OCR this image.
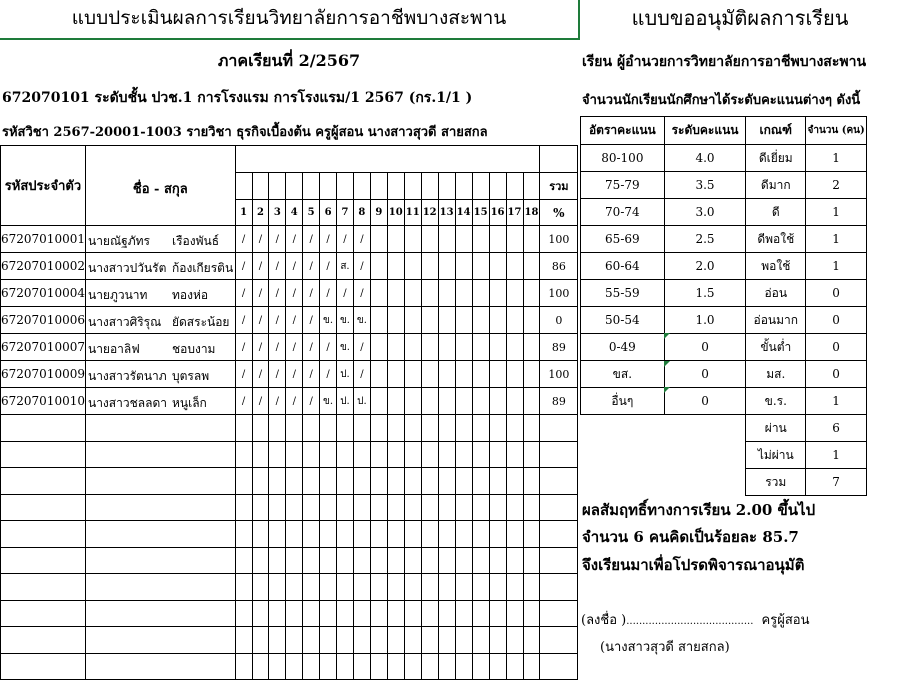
แบบประเมินผลการเรียนวิทยาลัยการอาชีพบางสะพาน	แบบขออนุมัติผลการเรียน
ภาคเรียนที่ 2/2567
672070101 ระดับชั้น ปวช.1 การโรงแรม การโรงแรม/1 2567 (กร.1/1 )
รหัสวิชา 2567-20001-1003 รายวิชา ธุรกิจเบื้องต้น ครูผู้สอน นางสาวสุวดี สายสกล
เรียน ผู้อำนวยการวิทยาลัยการอาชีพบางสะพาน
จำนวนนักเรียนนักศึกษาได้ระดับคะแนนต่างๆ ดังนี้
รหัสประจำตัว	ชื่อ - สกุล																				
																				รวม	
		1	2	3	4	5	6	7	8	9	10	11	12	13	14	15	16	17	18	%	
67207010001	นายณัฐภัทร เรืองพันธ์	/	/	/	/	/	/	/	/											100	
67207010002	นางสาวปวันรัต ก้องเกียรติน	/	/	/	/	/	/	ส.	/											86	
67207010004	นายภูวนาท ทองห่อ	/	/	/	/	/	/	/	/											100	
67207010006	นางสาวศิริรุณ ยัดสระน้อย	/	/	/	/	/	ข.	ข.	ข.											0	
67207010007	นายอาลิฟ ชอบงาม	/	/	/	/	/	/	ข.	/											89	
67207010009	นางสาวรัตนาภ บุตรลพ	/	/	/	/	/	/	ป.	/											100	
67207010010	นางสาวชลลดา หนูเล็ก	/	/	/	/	/	ข.	ป.	ป.											89	

อัตราคะแนน	ระดับคะแนน	เกณฑ์	จำนวน (คน)
80-100	4.0	ดีเยี่ยม	1
75-79	3.5	ดีมาก	2
70-74	3.0	ดี	1
65-69	2.5	ดีพอใช้	1
60-64	2.0	พอใช้	1
55-59	1.5	อ่อน	0
50-54	1.0	อ่อนมาก	0
0-49	0	ขั้นต่ำ	0
ขส.	0	มส.	0
อื่นๆ	0	ข.ร.	1
		ผ่าน	6
		ไม่ผ่าน	1
		รวม	7
ผลสัมฤทธิ์ทางการเรียน 2.00 ขึ้นไป
จำนวน 6 คนคิดเป็นร้อยละ 85.7
จึงเรียนมาเพื่อโปรดพิจารณาอนุมัติ
(ลงชื่อ )........................................ ครูผู้สอน
(นางสาวสุวดี สายสกล)
